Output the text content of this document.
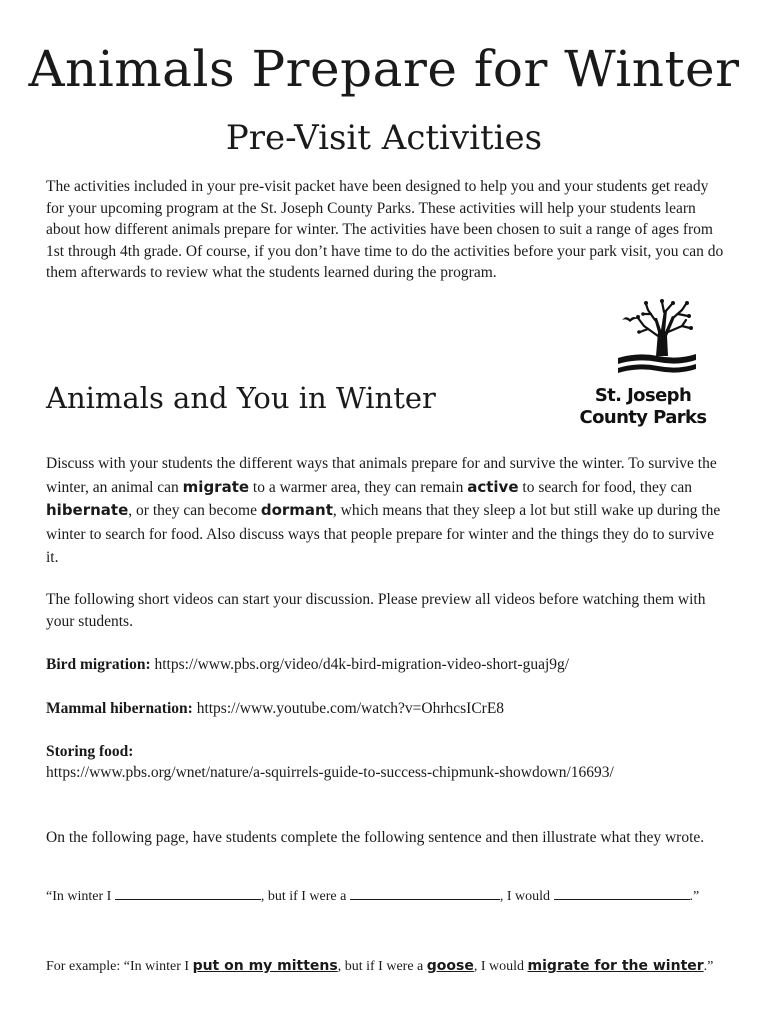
Animals Prepare for Winter
Pre-Visit Activities

The activities included in your pre-visit packet have been designed to help you and your students get ready for your upcoming program at the St. Joseph County Parks. These activities will help your students learn about how different animals prepare for winter. The activities have been chosen to suit a range of ages from 1st through 4th grade. Of course, if you don’t have time to do the activities before your park visit, you can do them afterwards to review what the students learned during the program.

St. Joseph
County Parks
Animals and You in Winter

Discuss with your students the different ways that animals prepare for and survive the winter. To survive the winter, an animal can migrate to a warmer area, they can remain active to search for food, they can hibernate, or they can become dormant, which means that they sleep a lot but still wake up during the winter to search for food. Also discuss ways that people prepare for winter and the things they do to survive it.

The following short videos can start your discussion. Please preview all videos before watching them with your students.

Bird migration: https://www.pbs.org/video/d4k-bird-migration-video-short-guaj9g/

Mammal hibernation: https://www.youtube.com/watch?v=OhrhcsICrE8

Storing food:
https://www.pbs.org/wnet/nature/a-squirrels-guide-to-success-chipmunk-showdown/16693/

On the following page, have students complete the following sentence and then illustrate what they wrote.

“In winter I	, but if I were a	, I would	.”

For example: “In winter I put on my mittens, but if I were a goose, I would migrate for the winter.”
